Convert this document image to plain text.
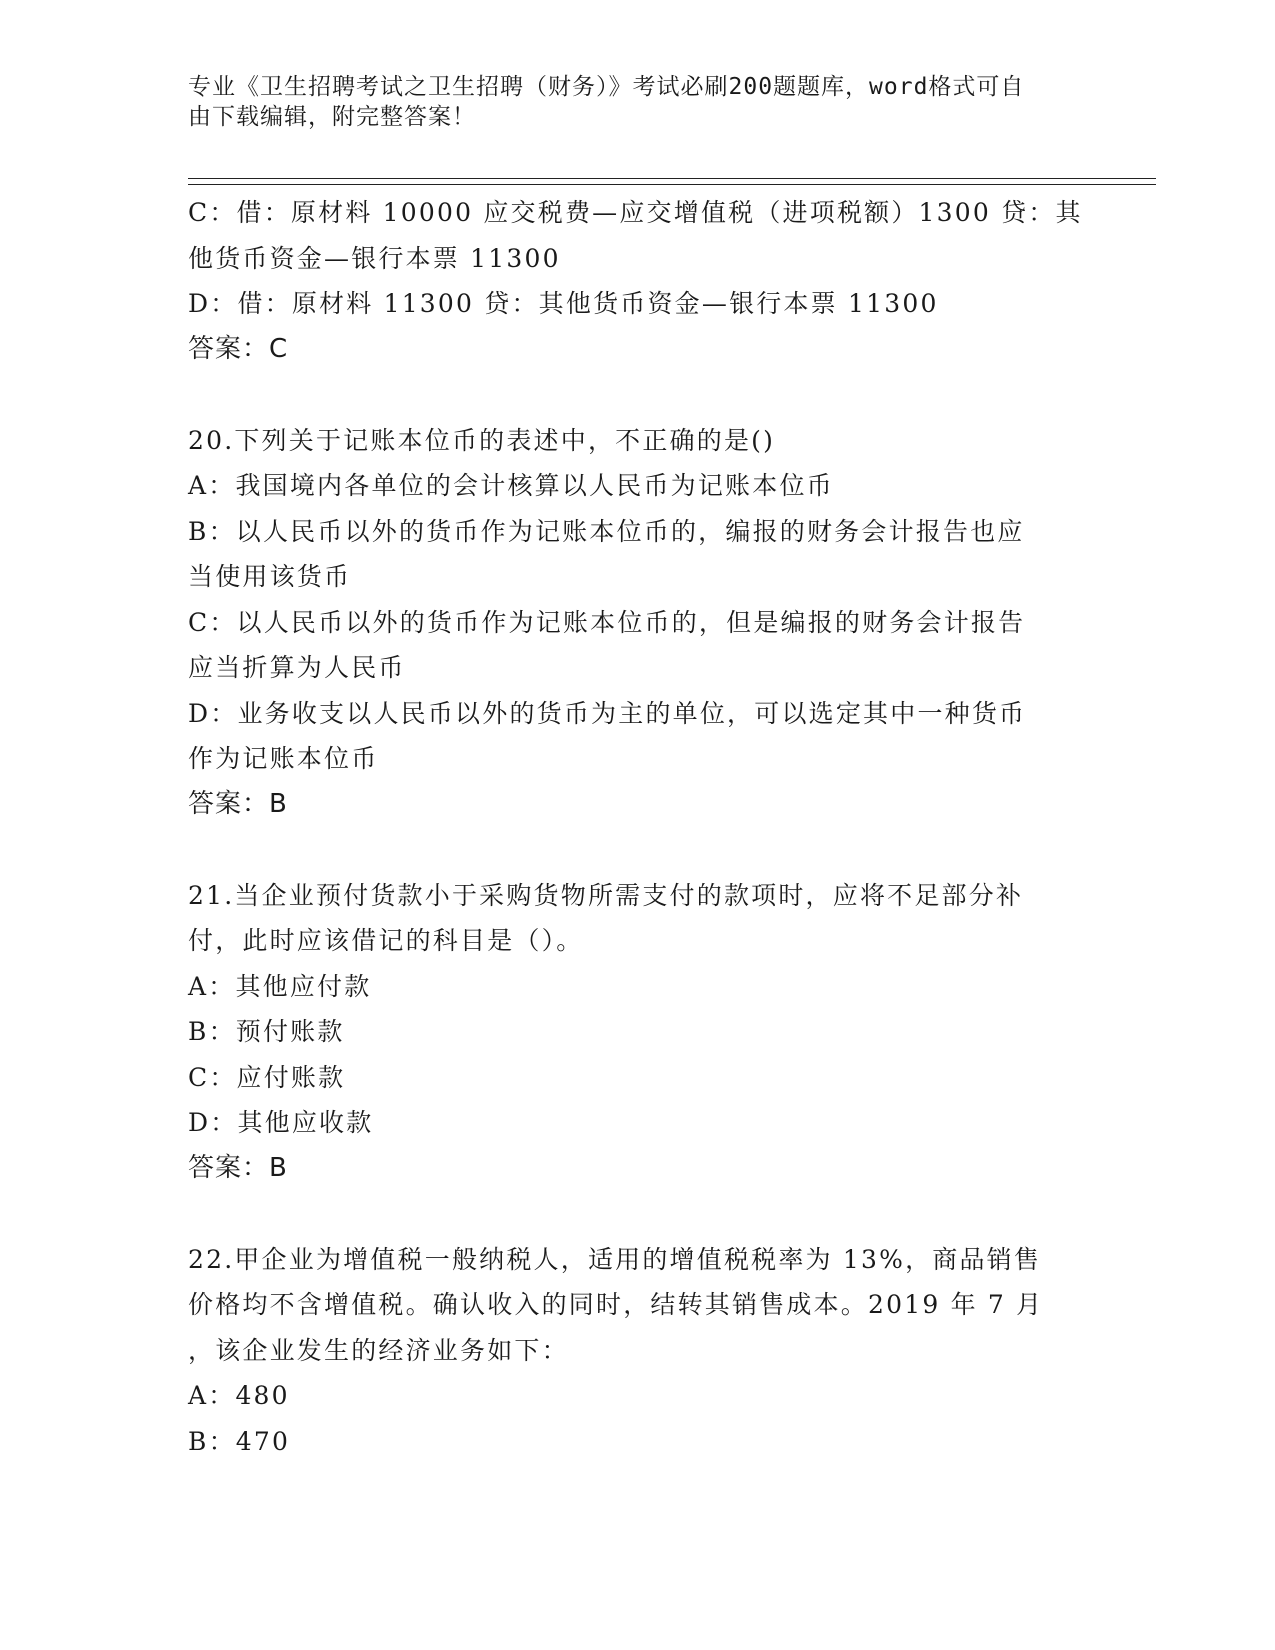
专业《卫生招聘考试之卫生招聘（财务）》考试必刷200题题库，word格式可自
由下载编辑，附完整答案！
C：借：原材料 10000 应交税费—应交增值税（进项税额）1300 贷：其
他货币资金—银行本票 11300
D：借：原材料 11300 贷：其他货币资金—银行本票 11300
答案：C
20.下列关于记账本位币的表述中，不正确的是()
A：我国境内各单位的会计核算以人民币为记账本位币
B：以人民币以外的货币作为记账本位币的，编报的财务会计报告也应
当使用该货币
C：以人民币以外的货币作为记账本位币的，但是编报的财务会计报告
应当折算为人民币
D：业务收支以人民币以外的货币为主的单位，可以选定其中一种货币
作为记账本位币
答案：B
21.当企业预付货款小于采购货物所需支付的款项时，应将不足部分补
付，此时应该借记的科目是（）。
A：其他应付款
B：预付账款
C：应付账款
D：其他应收款
答案：B
22.甲企业为增值税一般纳税人，适用的增值税税率为 13%，商品销售
价格均不含增值税。确认收入的同时，结转其销售成本。2019 年 7 月
，该企业发生的经济业务如下：
A：480
B：470
